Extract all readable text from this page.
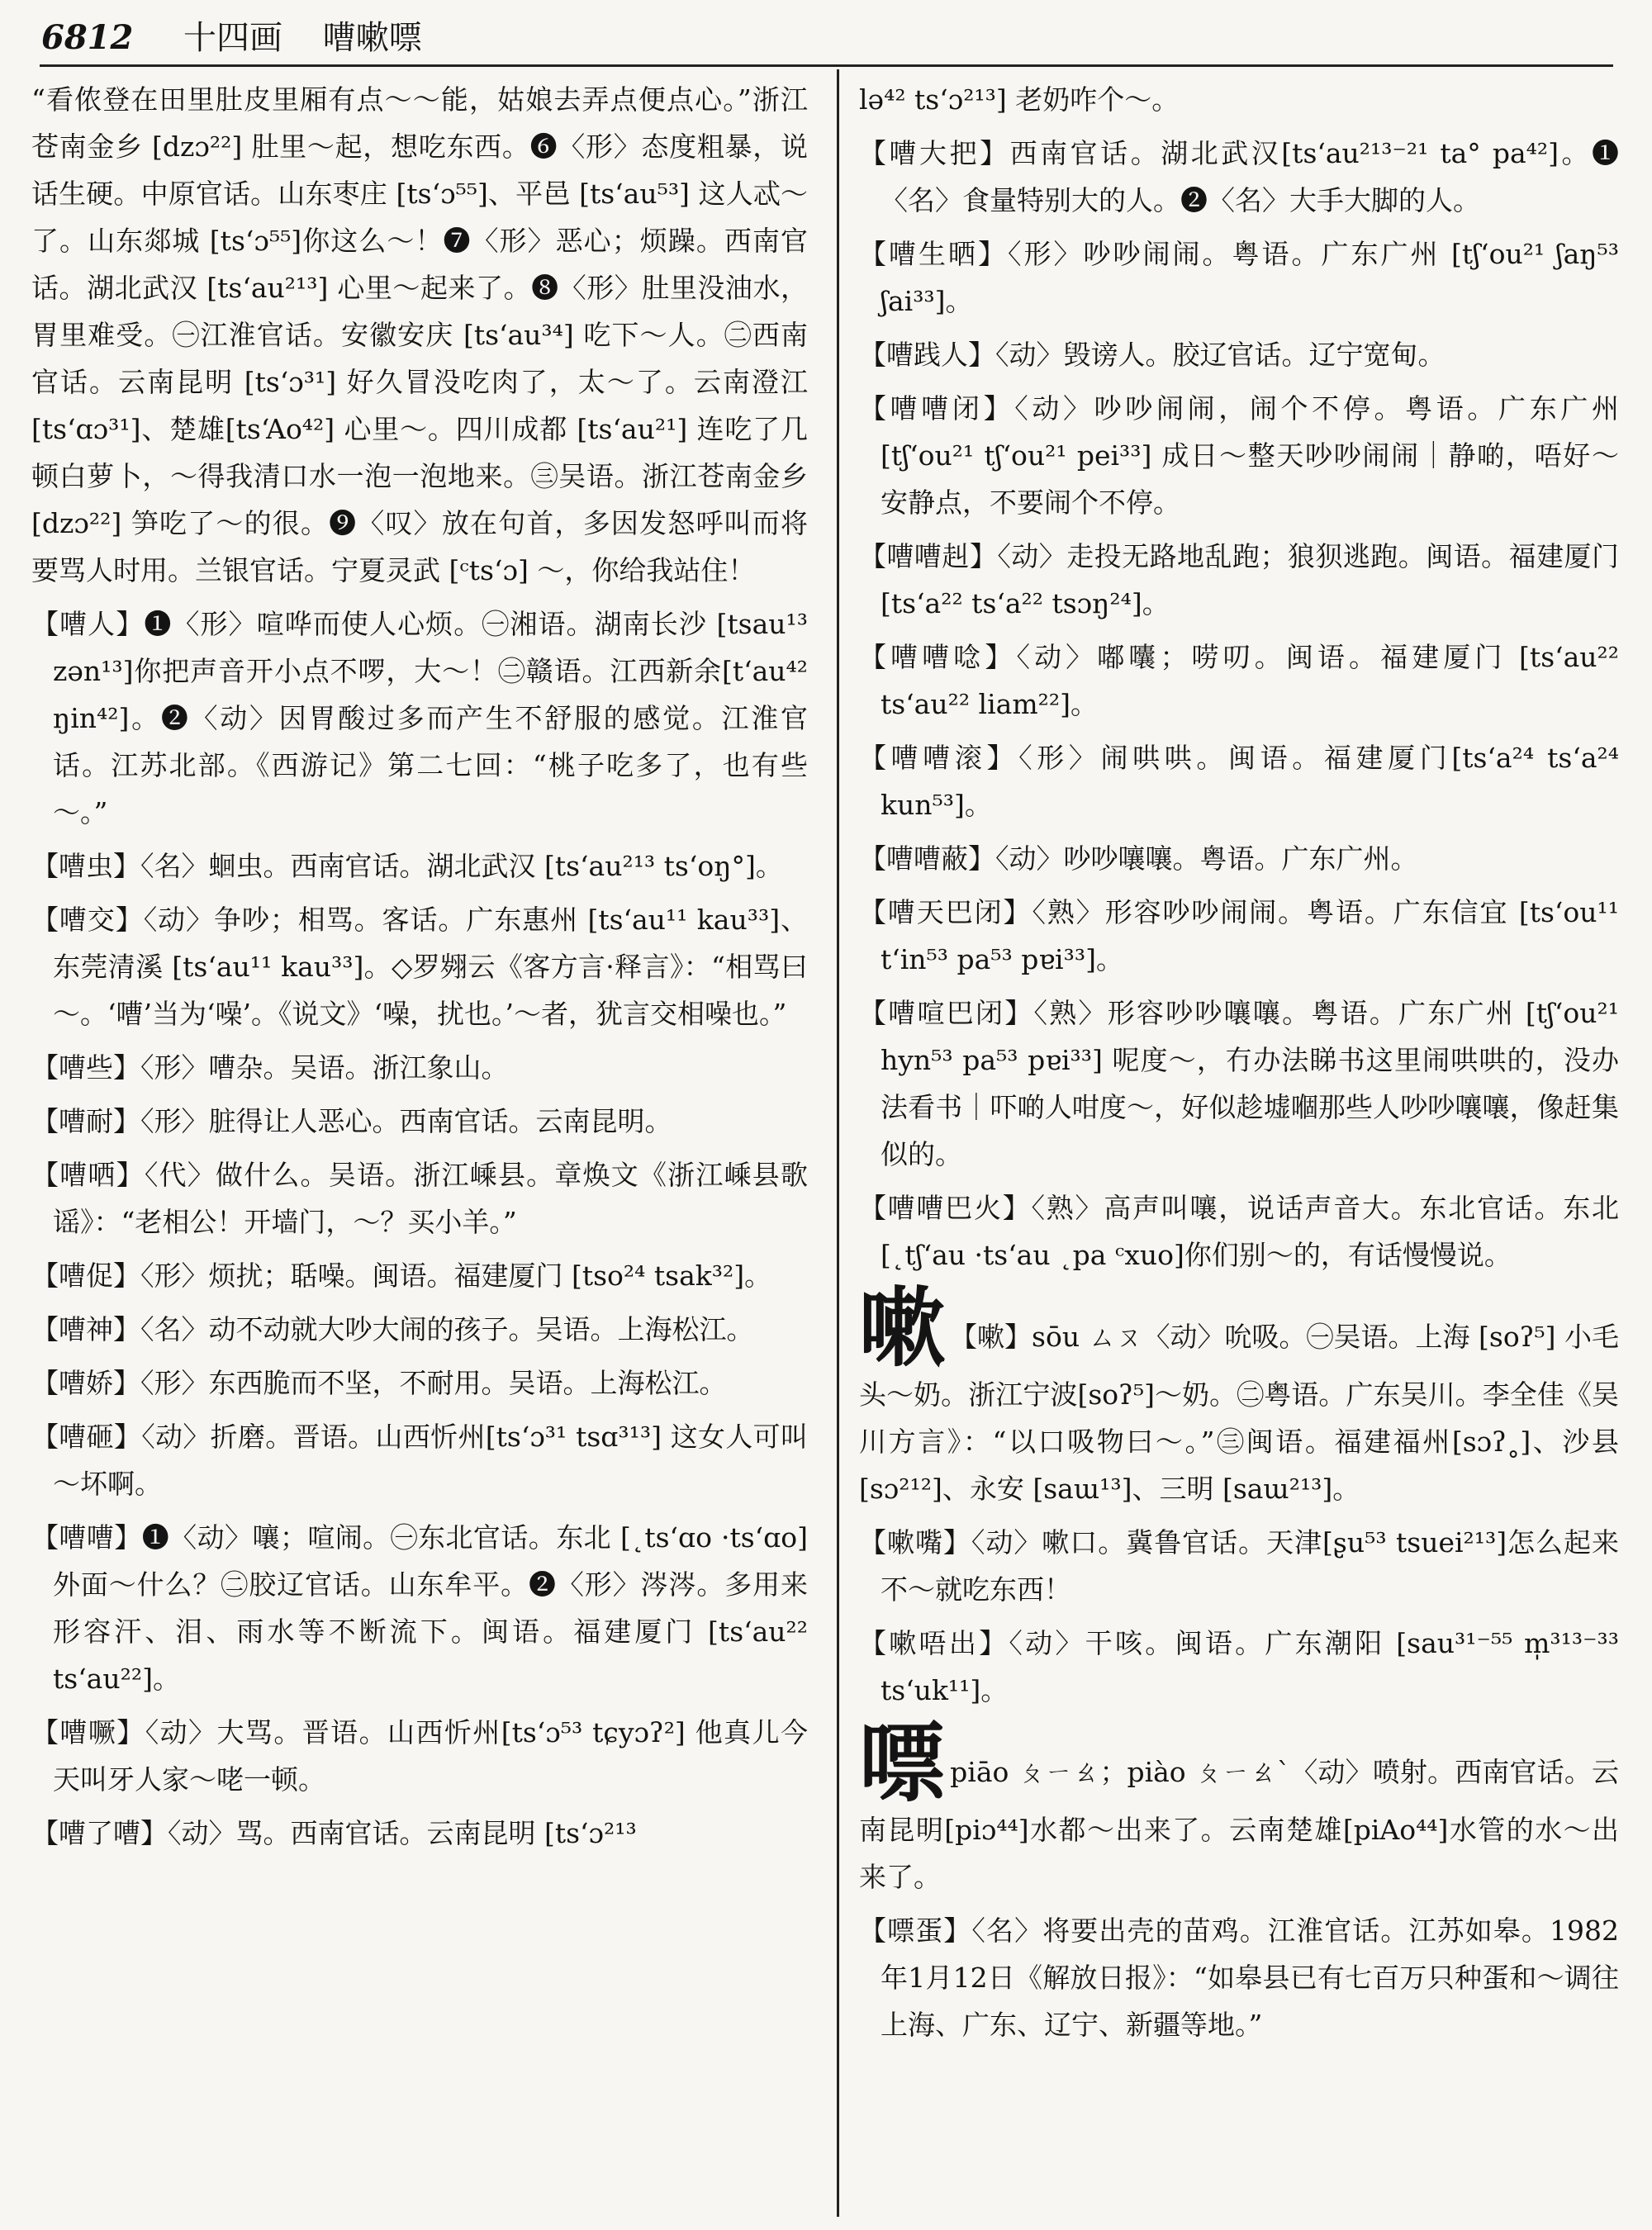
6812 十四画 嘈嗽嘌

“看侬登在田里肚皮里厢有点～～能，姑娘去弄点便点心。”浙江苍南金乡 [dzɔ²²] 肚里～起，想吃东西。❻〈形〉态度粗暴，说话生硬。中原官话。山东枣庄 [tsʻɔ⁵⁵]、平邑 [tsʻau⁵³] 这人忒～了。山东郯城 [tsʻɔ⁵⁵]你这么～！❼〈形〉恶心；烦躁。西南官话。湖北武汉 [tsʻau²¹³] 心里～起来了。❽〈形〉肚里没油水，胃里难受。㊀江淮官话。安徽安庆 [tsʻau³⁴] 吃下～人。㊁西南官话。云南昆明 [tsʻɔ³¹] 好久冒没吃肉了，太～了。云南澄江[tsʻɑɔ³¹]、楚雄[tsʻAo⁴²] 心里～。四川成都 [tsʻau²¹] 连吃了几顿白萝卜，～得我清口水一泡一泡地来。㊂吴语。浙江苍南金乡 [dzɔ²²] 笋吃了～的很。❾〈叹〉放在句首，多因发怒呼叫而将要骂人时用。兰银官话。宁夏灵武 [ᶜtsʻɔ] ～，你给我站住！

【嘈人】❶〈形〉喧哗而使人心烦。㊀湘语。湖南长沙 [tsau¹³ zən¹³]你把声音开小点不啰，大～！㊁赣语。江西新余[tʻau⁴² ŋin⁴²]。❷〈动〉因胃酸过多而产生不舒服的感觉。江淮官话。江苏北部。《西游记》第二七回：“桃子吃多了，也有些～。”

【嘈虫】〈名〉蛔虫。西南官话。湖北武汉 [tsʻau²¹³ tsʻoŋ°]。

【嘈交】〈动〉争吵；相骂。客话。广东惠州 [tsʻau¹¹ kau³³]、东莞清溪 [tsʻau¹¹ kau³³]。◇罗翙云《客方言·释言》：“相骂曰～。‘嘈’当为‘噪’。《说文》‘噪，扰也。’～者，犹言交相噪也。”

【嘈些】〈形〉嘈杂。吴语。浙江象山。

【嘈耐】〈形〉脏得让人恶心。西南官话。云南昆明。

【嘈哂】〈代〉做什么。吴语。浙江嵊县。章焕文《浙江嵊县歌谣》：“老相公！开墙门，～？买小羊。”

【嘈促】〈形〉烦扰；聒噪。闽语。福建厦门 [tso²⁴ tsak³²]。

【嘈神】〈名〉动不动就大吵大闹的孩子。吴语。上海松江。

【嘈娇】〈形〉东西脆而不坚，不耐用。吴语。上海松江。

【嘈砸】〈动〉折磨。晋语。山西忻州[tsʻɔ³¹ tsɑ³¹³] 这女人可叫～坏啊。

【嘈嘈】❶〈动〉嚷；喧闹。㊀东北官话。东北 [˛tsʻɑo ·tsʻɑo] 外面～什么？㊁胶辽官话。山东牟平。❷〈形〉涔涔。多用来形容汗、泪、雨水等不断流下。闽语。福建厦门 [tsʻau²² tsʻau²²]。

【嘈噘】〈动〉大骂。晋语。山西忻州[tsʻɔ⁵³ tɕyɔʔ²] 他真儿今天叫牙人家～咾一顿。

【嘈了嘈】〈动〉骂。西南官话。云南昆明 [tsʻɔ²¹³

lə⁴² tsʻɔ²¹³] 老奶咋个～。

【嘈大把】西南官话。湖北武汉[tsʻau²¹³⁻²¹ ta° pa⁴²]。❶〈名〉食量特别大的人。❷〈名〉大手大脚的人。

【嘈生晒】〈形〉吵吵闹闹。粤语。广东广州 [tʃʻou²¹ ʃaŋ⁵³ ʃai³³]。

【嘈践人】〈动〉毁谤人。胶辽官话。辽宁宽甸。

【嘈嘈闭】〈动〉吵吵闹闹，闹个不停。粤语。广东广州 [tʃʻou²¹ tʃʻou²¹ pei³³] 成日～整天吵吵闹闹｜静啲，唔好～安静点，不要闹个不停。

【嘈嘈赳】〈动〉走投无路地乱跑；狼狈逃跑。闽语。福建厦门 [tsʻa²² tsʻa²² tsɔŋ²⁴]。

【嘈嘈唸】〈动〉嘟囔；唠叨。闽语。福建厦门 [tsʻau²² tsʻau²² liam²²]。

【嘈嘈滚】〈形〉闹哄哄。闽语。福建厦门[tsʻa²⁴ tsʻa²⁴ kun⁵³]。

【嘈嘈蔽】〈动〉吵吵嚷嚷。粤语。广东广州。

【嘈天巴闭】〈熟〉形容吵吵闹闹。粤语。广东信宜 [tsʻou¹¹ tʻin⁵³ pa⁵³ pɐi³³]。

【嘈喧巴闭】〈熟〉形容吵吵嚷嚷。粤语。广东广州 [tʃʻou²¹ hyn⁵³ pa⁵³ pɐi³³] 呢度～，冇办法睇书这里闹哄哄的，没办法看书｜吓啲人咁度～，好似趁墟嗰那些人吵吵嚷嚷，像赶集似的。

【嘈嘈巴火】〈熟〉高声叫嚷，说话声音大。东北官话。东北[˛tʃʻau ·tsʻau ˛pa ᶜxuo]你们别～的，有话慢慢说。

嗽 【嗽】sōu ㄙㄡ〈动〉吮吸。㊀吴语。上海 [soʔ⁵] 小毛头～奶。浙江宁波[soʔ⁵]～奶。㊁粤语。广东吴川。李全佳《吴川方言》：“以口吸物曰～。”㊂闽语。福建福州[sɔʔ˳]、沙县 [sɔ²¹²]、永安 [saɯ¹³]、三明 [saɯ²¹³]。

【嗽嘴】〈动〉嗽口。冀鲁官话。天津[ʂu⁵³ tsuei²¹³]怎么起来不～就吃东西！

【嗽唔出】〈动〉干咳。闽语。广东潮阳 [sau³¹⁻⁵⁵ m̩³¹³⁻³³ tsʻuk¹¹]。

嘌piāo ㄆㄧㄠ；piào ㄆㄧㄠˋ〈动〉喷射。西南官话。云南昆明[piɔ⁴⁴]水都～出来了。云南楚雄[piAo⁴⁴]水管的水～出来了。

【嘌蛋】〈名〉将要出壳的苗鸡。江淮官话。江苏如皋。1982年1月12日《解放日报》：“如皋县已有七百万只种蛋和～调往上海、广东、辽宁、新疆等地。”
